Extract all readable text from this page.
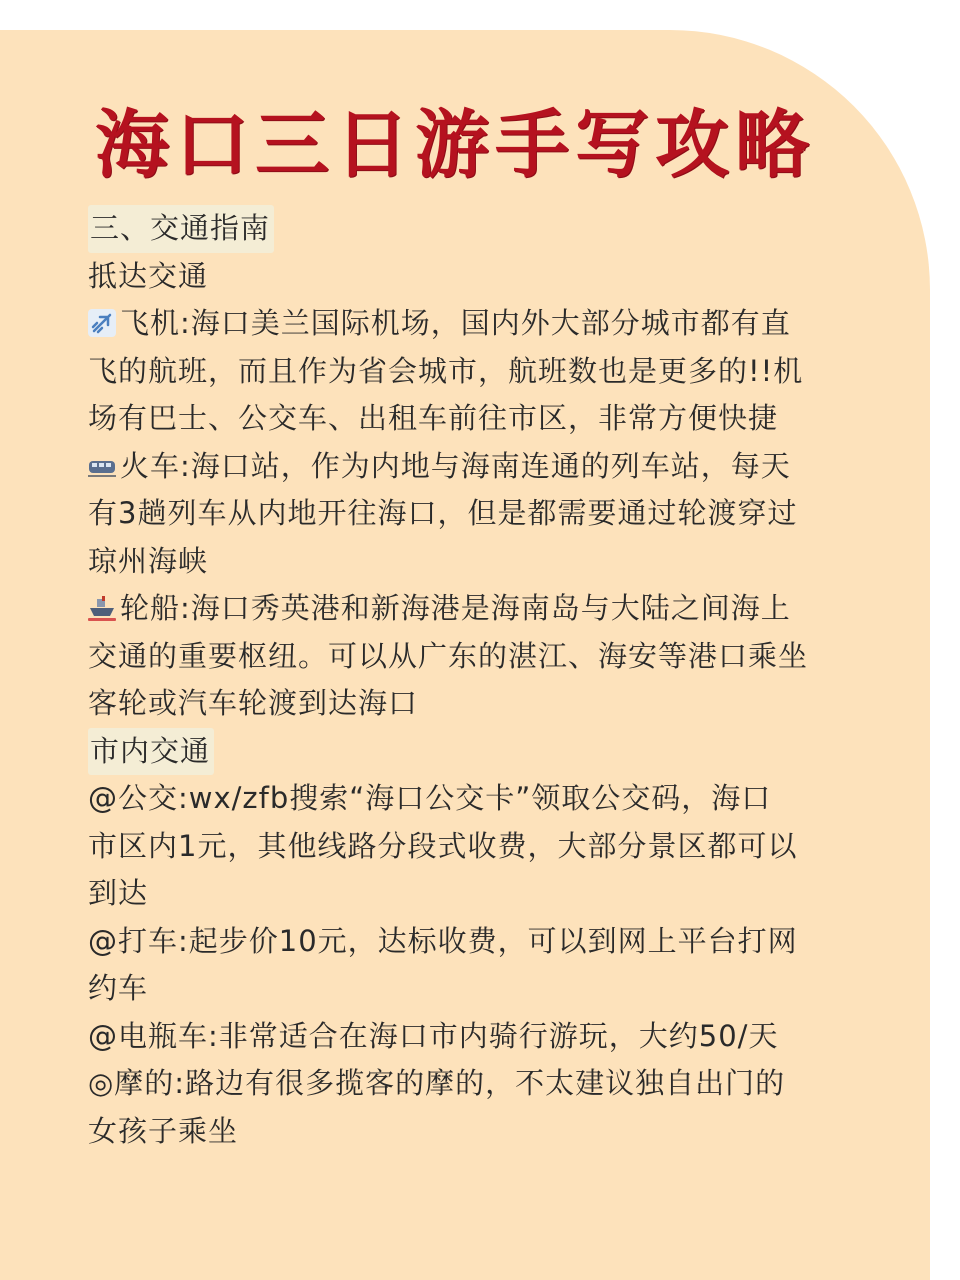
海口三日游手写攻略

三、交通指南

抵达交通

飞机:海口美兰国际机场，国内外大部分城市都有直

飞的航班，而且作为省会城市，航班数也是更多的!!机

场有巴士、公交车、出租车前往市区，非常方便快捷

火车:海口站，作为内地与海南连通的列车站，每天

有3趟列车从内地开往海口，但是都需要通过轮渡穿过

琼州海峡

轮船:海口秀英港和新海港是海南岛与大陆之间海上

交通的重要枢纽。可以从广东的湛江、海安等港口乘坐

客轮或汽车轮渡到达海口

市内交通

@公交:wx/zfb搜索“海口公交卡”领取公交码，海口

市区内1元，其他线路分段式收费，大部分景区都可以

到达

@打车:起步价10元，达标收费，可以到网上平台打网

约车

@电瓶车:非常适合在海口市内骑行游玩，大约50/天

◎摩的:路边有很多揽客的摩的，不太建议独自出门的

女孩子乘坐
